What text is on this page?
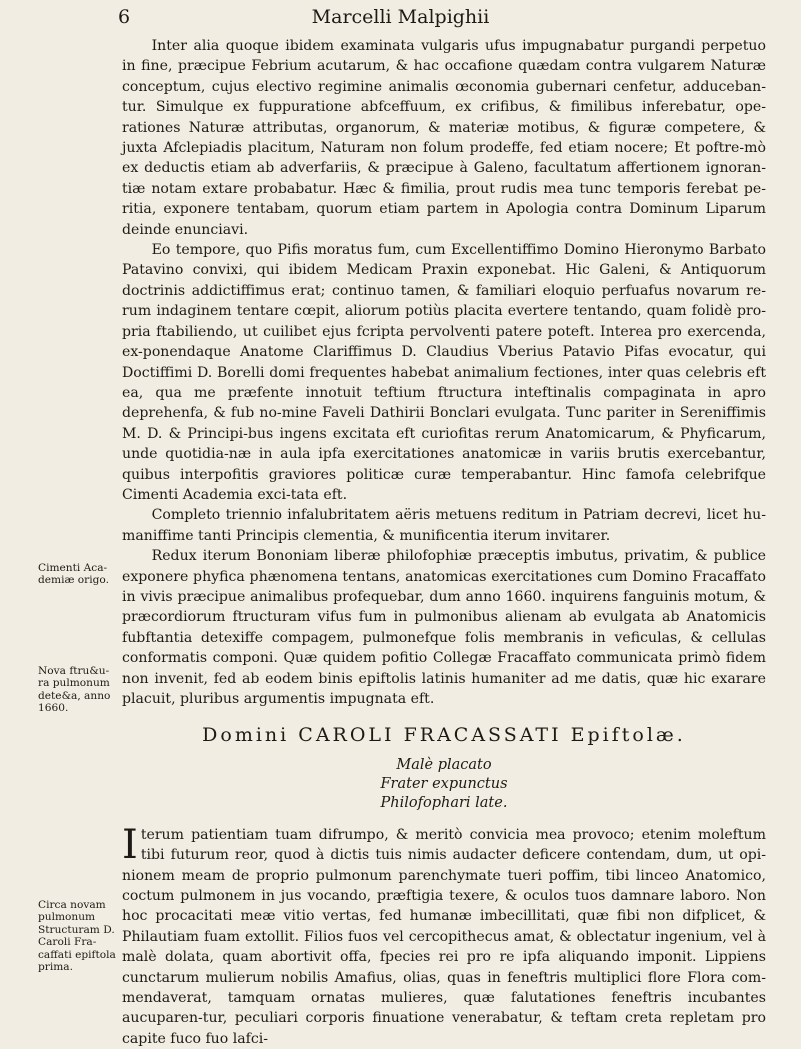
6	Marcelli Malpighii
Cimenti Aca-demiæ origo.
Nova ftru&u-ra pulmonum dete&a, anno 1660.
Circa novam pulmonum Structuram D. Caroli Fra-caffati epiftola prima.

Inter alia quoque ibidem examinata vulgaris ufus impugnabatur purgandi perpetuo in fine, præcipue Febrium acutarum, & hac occafione quædam contra vulgarem Naturæ conceptum, cujus electivo regimine animalis œconomia gubernari cenfetur, adduceban-tur. Simulque ex fuppuratione abfceffuum, ex crifibus, & fimilibus inferebatur, ope-rationes Naturæ attributas, organorum, & materiæ motibus, & figuræ competere, & juxta Afclepiadis placitum, Naturam non folum prodeffe, fed etiam nocere; Et poftre-mò ex deductis etiam ab adverfariis, & præcipue à Galeno, facultatum affertionem ignoran-tiæ notam extare probabatur. Hæc & fimilia, prout rudis mea tunc temporis ferebat pe-ritia, exponere tentabam, quorum etiam partem in Apologia contra Dominum Liparum deinde enunciavi.

Eo tempore, quo Pifis moratus fum, cum Excellentiffimo Domino Hieronymo Barbato Patavino convixi, qui ibidem Medicam Praxin exponebat. Hic Galeni, & Antiquorum doctrinis addictiffimus erat; continuo tamen, & familiari eloquio perfuafus novarum re-rum indaginem tentare cœpit, aliorum potiùs placita evertere tentando, quam folidè pro-pria ftabiliendo, ut cuilibet ejus fcripta pervolventi patere poteft. Interea pro exercenda, ex-ponendaque Anatome Clariffimus D. Claudius Vberius Patavio Pifas evocatur, qui Doctiffimi D. Borelli domi frequentes habebat animalium fectiones, inter quas celebris eft ea, qua me præfente innotuit teftium ftructura inteftinalis compaginata in apro deprehenfa, & fub no-mine Faveli Dathirii Bonclari evulgata. Tunc pariter in Sereniffimis M. D. & Principi-bus ingens excitata eft curiofitas rerum Anatomicarum, & Phyficarum, unde quotidia-næ in aula ipfa exercitationes anatomicæ in variis brutis exercebantur, quibus interpofitis graviores politicæ curæ temperabantur. Hinc famofa celebrifque Cimenti Academia exci-tata eft.

Completo triennio infalubritatem aëris metuens reditum in Patriam decrevi, licet hu-maniffime tanti Principis clementia, & munificentia iterum invitarer.

Redux iterum Bononiam liberæ philofophiæ præceptis imbutus, privatim, & publice exponere phyfica phænomena tentans, anatomicas exercitationes cum Domino Fracaffato in vivis præcipue animalibus profequebar, dum anno 1660. inquirens fanguinis motum, & præcordiorum ftructuram vifus fum in pulmonibus alienam ab evulgata ab Anatomicis fubftantia detexiffe compagem, pulmonefque folis membranis in veficulas, & cellulas conformatis componi. Quæ quidem pofitio Collegæ Fracaffato communicata primò fidem non invenit, fed ab eodem binis epiftolis latinis humaniter ad me datis, quæ hic exarare placuit, pluribus argumentis impugnata eft.

Domini CAROLI FRACASSATI Epiftolæ.
Malè placato
Frater expunctus
Philofophari late.

Iterum patientiam tuam difrumpo, & meritò convicia mea provoco; etenim moleftum tibi futurum reor, quod à dictis tuis nimis audacter deficere contendam, dum, ut opi-nionem meam de proprio pulmonum parenchymate tueri poffim, tibi linceo Anatomico, coctum pulmonem in jus vocando, præftigia texere, & oculos tuos damnare laboro. Non hoc procacitati meæ vitio vertas, fed humanæ imbecillitati, quæ fibi non difplicet, & Philautiam fuam extollit. Filios fuos vel cercopithecus amat, & oblectatur ingenium, vel à malè dolata, quam abortivit offa, fpecies rei pro re ipfa aliquando imponit. Lippiens cunctarum mulierum nobilis Amafius, olias, quas in feneftris multiplici flore Flora com-mendaverat, tamquam ornatas mulieres, quæ falutationes feneftris incubantes aucuparen-tur, peculiari corporis finuatione venerabatur, & teftam creta repletam pro capite fuco fuo lafci-
